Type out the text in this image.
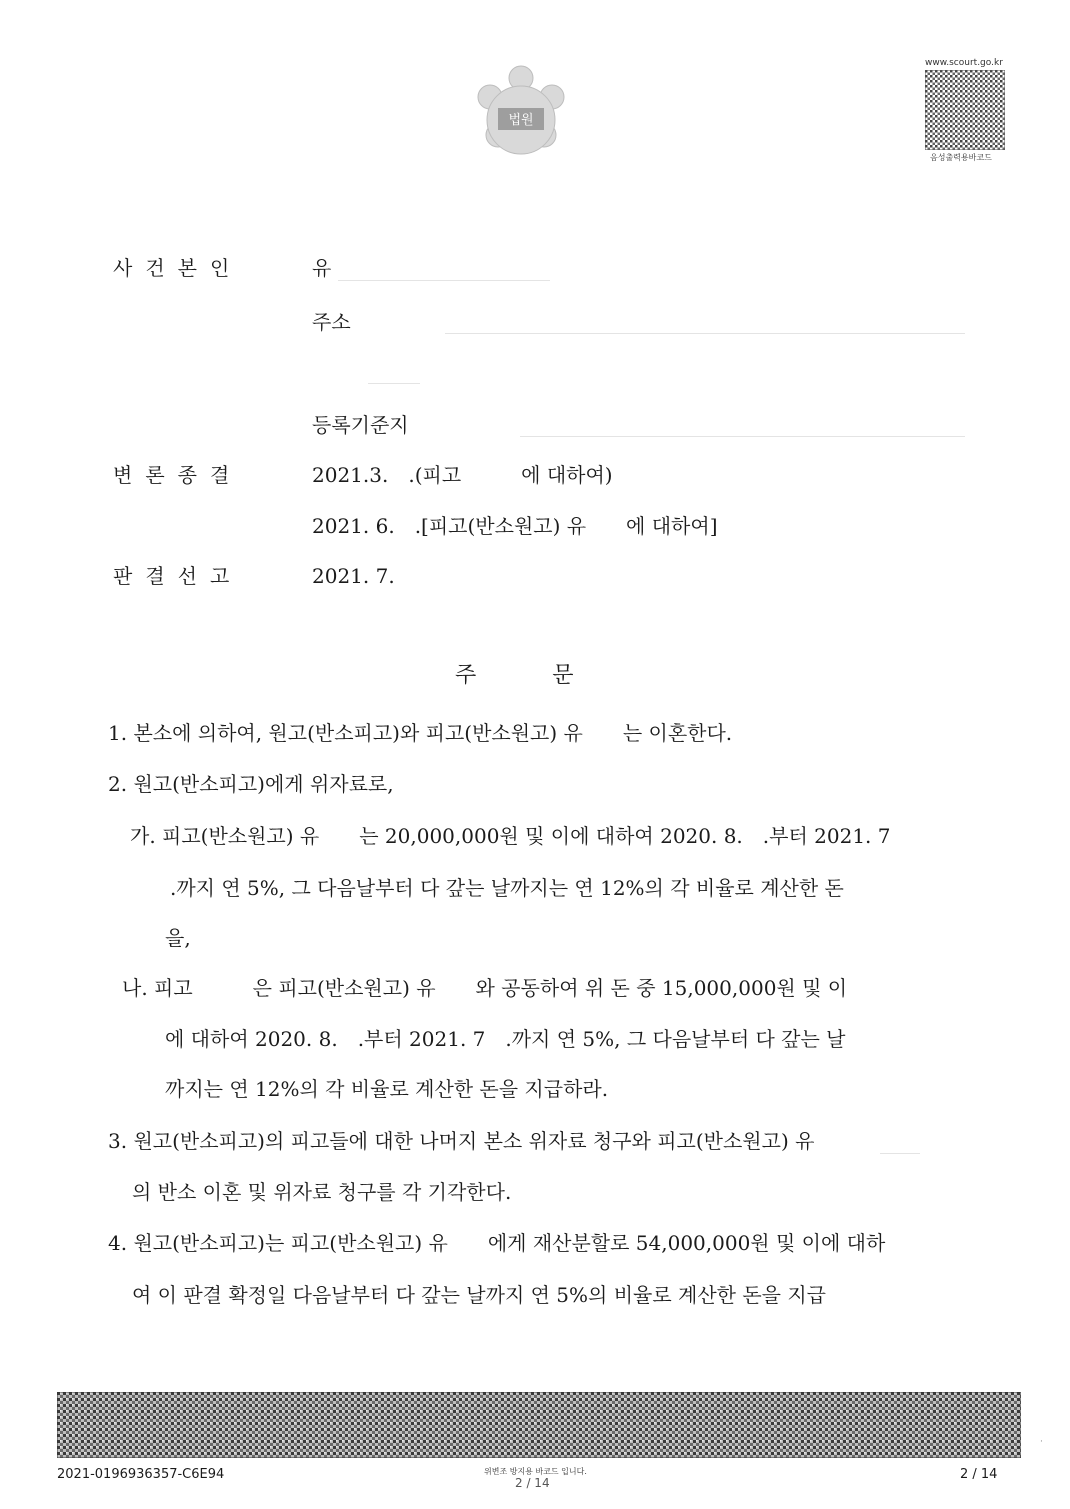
법원
www.scourt.go.kr
음성출력용바코드
사건본인	유
주소
등록기준지
변론종결	2021.3. .(피고   에 대하여)
2021. 6. .[피고(반소원고) 유  에 대하여]
판결선고	2021. 7.
주	문
1. 본소에 의하여, 원고(반소피고)와 피고(반소원고) 유  는 이혼한다.
2. 원고(반소피고)에게 위자료로,
가. 피고(반소원고) 유  는 20,000,000원 및 이에 대하여 2020. 8. .부터 2021. 7
.까지 연 5%, 그 다음날부터 다 갚는 날까지는 연 12%의 각 비율로 계산한 돈
을,
나. 피고   은 피고(반소원고) 유  와 공동하여 위 돈 중 15,000,000원 및 이
에 대하여 2020. 8. .부터 2021. 7 .까지 연 5%, 그 다음날부터 다 갚는 날
까지는 연 12%의 각 비율로 계산한 돈을 지급하라.
3. 원고(반소피고)의 피고들에 대한 나머지 본소 위자료 청구와 피고(반소원고) 유
의 반소 이혼 및 위자료 청구를 각 기각한다.
4. 원고(반소피고)는 피고(반소원고) 유  에게 재산분할로 54,000,000원 및 이에 대하
여 이 판결 확정일 다음날부터 다 갚는 날까지 연 5%의 비율로 계산한 돈을 지급
2021-0196936357-C6E94	위변조 방지용 바코드 입니다.
2 / 14
2 / 14
·
